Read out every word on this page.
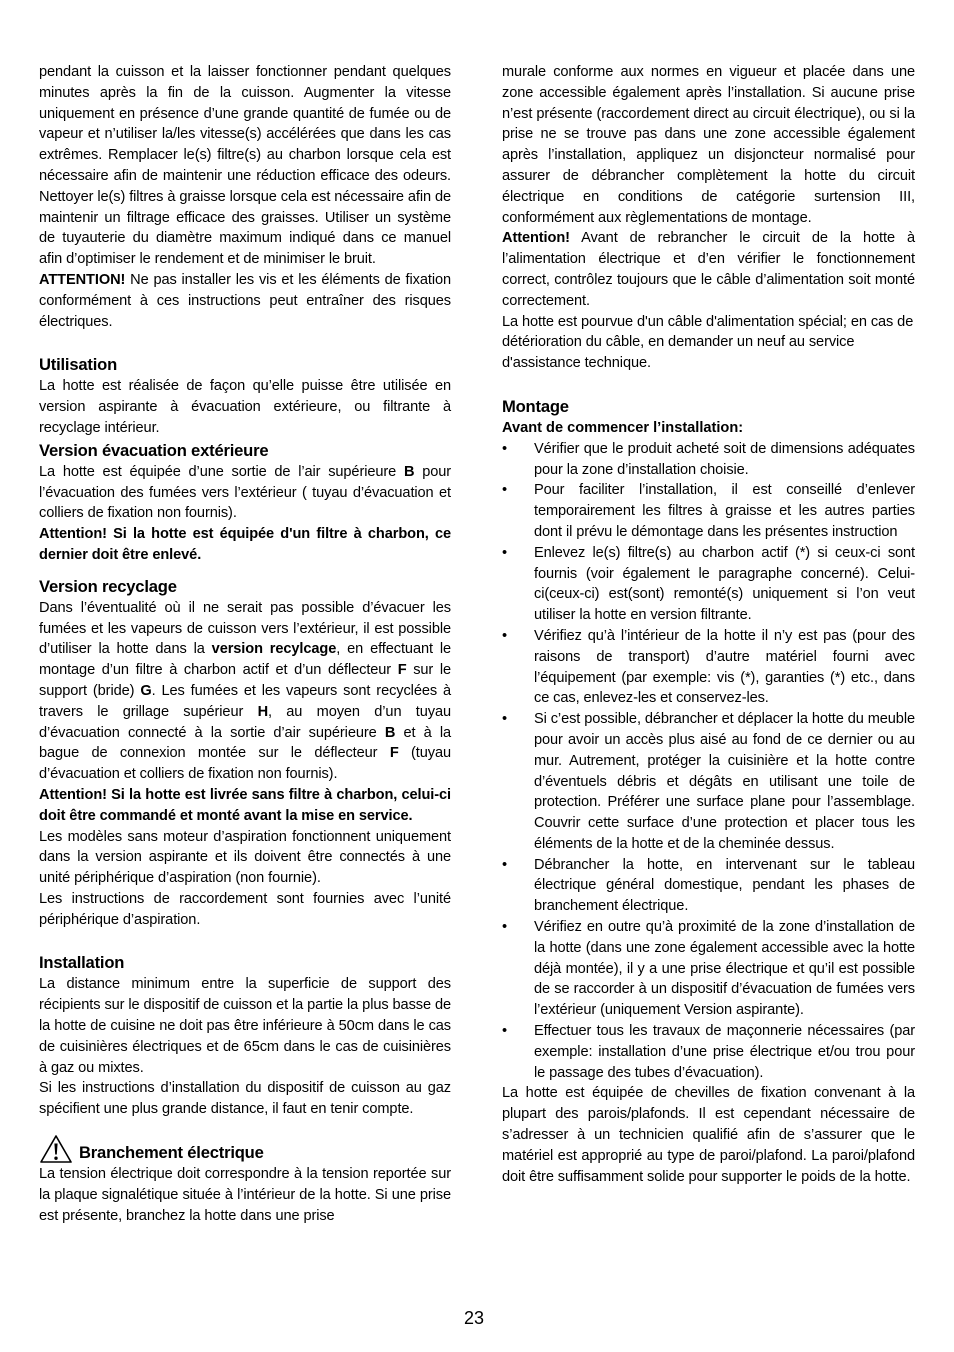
pendant la cuisson et la laisser fonctionner pendant quelques minutes après la fin de la cuisson. Augmenter la vitesse uniquement en présence d’une grande quantité de fumée ou de vapeur et n’utiliser la/les vitesse(s) accélérées que dans les cas extrêmes. Remplacer le(s) filtre(s) au charbon lorsque cela est nécessaire afin de maintenir une réduction efficace des odeurs. Nettoyer le(s) filtres à graisse lorsque cela est nécessaire afin de maintenir un filtrage efficace des graisses. Utiliser un système de tuyauterie du diamètre maximum indiqué dans ce manuel afin d’optimiser le rendement et de minimiser le bruit.

ATTENTION! Ne pas installer les vis et les éléments de fixation conformément à ces instructions peut entraîner des risques électriques.

Utilisation

La hotte est réalisée de façon qu’elle puisse être utilisée en version aspirante à évacuation extérieure, ou filtrante à recyclage intérieur.

Version évacuation extérieure

La hotte est équipée d’une sortie de l’air supérieure B pour l’évacuation des fumées vers l’extérieur ( tuyau d’évacuation et colliers de fixation non fournis).

Attention! Si la hotte est équipée d'un filtre à charbon, ce dernier doit être enlevé.

Version recyclage

Dans l’éventualité où il ne serait pas possible d’évacuer les fumées et les vapeurs de cuisson vers l’extérieur, il est possible d’utiliser la hotte dans la version recylcage, en effectuant le montage d’un filtre à charbon actif et d’un déflecteur F sur le support (bride) G. Les fumées et les vapeurs sont recyclées à travers le grillage supérieur H, au moyen d’un tuyau d’évacuation connecté à la sortie d’air supérieure B et à la bague de connexion montée sur le déflecteur F (tuyau d’évacuation et colliers de fixation non fournis).

Attention! Si la hotte est livrée sans filtre à charbon, celui-ci doit être commandé et monté avant la mise en service.

Les modèles sans moteur d’aspiration fonctionnent uniquement dans la version aspirante et ils doivent être connectés à une unité périphérique d’aspiration (non fournie).

Les instructions de raccordement sont fournies avec l’unité périphérique d’aspiration.

Installation

La distance minimum entre la superficie de support des récipients sur le dispositif de cuisson et la partie la plus basse de la hotte de cuisine ne doit pas être inférieure à 50cm dans le cas de cuisinières électriques et de 65cm dans le cas de cuisinières à gaz ou mixtes.

Si les instructions d’installation du dispositif de cuisson au gaz spécifient une plus grande distance, il faut en tenir compte.

Branchement électrique

La tension électrique doit correspondre à la tension reportée sur la plaque signalétique située à l’intérieur de la hotte. Si une prise est présente, branchez la hotte dans une prise

murale conforme aux normes en vigueur et placée dans une zone accessible également après l’installation. Si aucune prise n’est présente (raccordement direct au circuit électrique), ou si la prise ne se trouve pas dans une zone accessible également après l’installation, appliquez un disjoncteur normalisé pour assurer de débrancher complètement la hotte du circuit électrique en conditions de catégorie surtension III, conformément aux règlementations de montage.

Attention! Avant de rebrancher le circuit de la hotte à l’alimentation électrique et d’en vérifier le fonctionnement correct, contrôlez toujours que le câble d’alimentation soit monté correctement.

La hotte est pourvue d'un câble d'alimentation spécial; en cas de détérioration du câble, en demander un neuf au service d'assistance technique.

Montage
Avant de commencer l’installation:
•	Vérifier que le produit acheté soit de dimensions adéquates pour la zone d’installation choisie.
•	Pour faciliter l’installation, il est conseillé d’enlever temporairement les filtres à graisse et les autres parties dont il prévu le démontage dans les présentes instruction
•	Enlevez le(s) filtre(s) au charbon actif (*) si ceux-ci sont fournis (voir également le paragraphe concerné). Celui-ci(ceux-ci) est(sont) remonté(s) uniquement si l’on veut utiliser la hotte en version filtrante.
•	Vérifiez qu’à l’intérieur de la hotte il n’y est pas (pour des raisons de transport) d’autre matériel fourni avec l’équipement (par exemple: vis (*), garanties (*) etc., dans ce cas, enlevez-les et conservez-les.
•	Si c’est possible, débrancher et déplacer la hotte du meuble pour avoir un accès plus aisé au fond de ce dernier ou au mur. Autrement, protéger la cuisinière et la hotte contre d’éventuels débris et dégâts en utilisant une toile de protection. Préférer une surface plane pour l’assemblage. Couvrir cette surface d’une protection et placer tous les éléments de la hotte et de la cheminée dessus.
•	Débrancher la hotte, en intervenant sur le tableau électrique général domestique, pendant les phases de branchement électrique.
•	Vérifiez en outre qu’à proximité de la zone d’installation de la hotte (dans une zone également accessible avec la hotte déjà montée), il y a une prise électrique et qu’il est possible de se raccorder à un dispositif d’évacuation de fumées vers l’extérieur (uniquement Version aspirante).
•	Effectuer tous les travaux de maçonnerie nécessaires (par exemple: installation d’une prise électrique et/ou trou pour le passage des tubes d’évacuation).

La hotte est équipée de chevilles de fixation convenant à la plupart des parois/plafonds. Il est cependant nécessaire de s’adresser à un technicien qualifié afin de s’assurer que le matériel est approprié au type de paroi/plafond. La paroi/plafond doit être suffisamment solide pour supporter le poids de la hotte.

23
